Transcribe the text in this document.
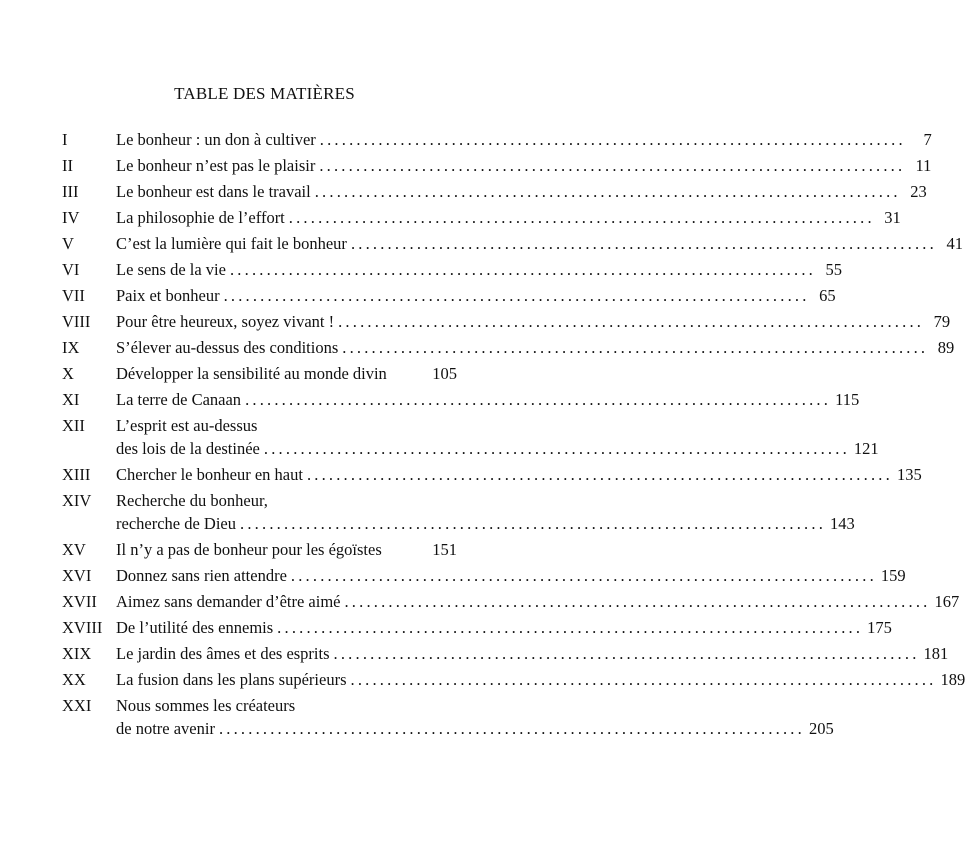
TABLE DES MATIÈRES
I	Le bonheur : un don à cultiver ................................................................................	7
II	Le bonheur n’est pas le plaisir ................................................................................ 11
III Le bonheur est dans le travail ................................................................................ 23
IV La philosophie de l’effort ................................................................................ 31
V	C’est la lumière qui fait le bonheur ................................................................................ 41
VI Le sens de la vie ................................................................................ 55
VII Paix et bonheur ................................................................................ 65
VIII Pour être heureux, soyez vivant ! ................................................................................ 79
IX S’élever au-dessus des conditions ................................................................................ 89
X	Développer la sensibilité au monde divin	105
XI La terre de Canaan ................................................................................ 115
XII L’esprit est au-dessus
des lois de la destinée ................................................................................ 121
XIII Chercher le bonheur en haut ................................................................................ 135
XIV Recherche du bonheur,
recherche de Dieu ................................................................................ 143
XV Il n’y a pas de bonheur pour les égoïstes	151
XVI Donnez sans rien attendre ................................................................................ 159
XVII Aimez sans demander d’être aimé ................................................................................ 167
XVIII De l’utilité des ennemis ................................................................................ 175
XIX Le jardin des âmes et des esprits ................................................................................ 181
XX La fusion dans les plans supérieurs ................................................................................ 189
XXI Nous sommes les créateurs
de notre avenir ................................................................................ 205
